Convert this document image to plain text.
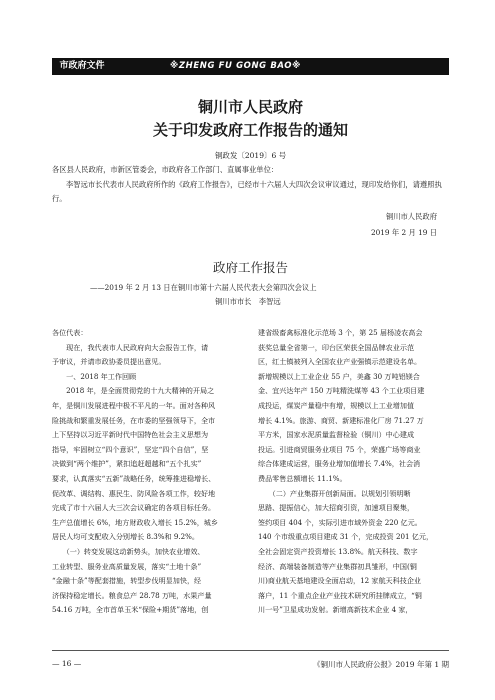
市政府文件	※ZHENG FU GONG BAO※
铜川市人民政府
关于印发政府工作报告的通知
铜政发〔2019〕6 号
各区县人民政府，市新区管委会，市政府各工作部门、直属事业单位：
李智远市长代表市人民政府所作的《政府工作报告》，已经市十六届人大四次会议审议通过，现印发给你们，请遵照执行。
铜川市人民政府
2019 年 2 月 19 日
政府工作报告
——2019 年 2 月 13 日在铜川市第十六届人民代表大会第四次会议上
铜川市市长　李智远

各位代表：

　　现在，我代表市人民政府向大会报告工作，请

予审议，并请市政协委员提出意见。

　　一、2018 年工作回顾

　　2018 年，是全面贯彻党的十九大精神的开局之

年，是铜川发展进程中极不平凡的一年。面对各种风

险挑战和繁重发展任务，在市委的坚强领导下，全市

上下坚持以习近平新时代中国特色社会主义思想为

指导，牢固树立“四个意识”，坚定“四个自信”，坚

决做到“两个维护”，紧扣追赶超越和“五个扎实”

要求，认真落实“五新”战略任务，统筹推进稳增长、

促改革、调结构、惠民生、防风险各项工作，较好地

完成了市十六届人大三次会议确定的各项目标任务。

生产总值增长 6%，地方财政收入增长 15.2%，城乡

居民人均可支配收入分别增长 8.3%和 9.2%。

　　（一）转变发展这动新势头，加快农业增效、

工业转型、服务业高质量发展，落实“土地十条”

“金融十条”等配套措施，转型步伐明显加快，经

济保持稳定增长。粮食总产 28.78 万吨，水果产量

54.16 万吨，全市首单玉米“保险+期货”落地，创

建省级畜禽标准化示范场 3 个，第 25 届杨凌农高会

获奖总量全省第一，印台区荣获全国品牌农业示范

区，红土镇被列入全国农业产业强镇示范建设名单。

新增规模以上工业企业 55 户，美鑫 30 万吨铝镁合

金、宜兴达年产 150 万吨精洗煤等 43 个工业项目建

成投运，煤炭产量稳中有增，规模以上工业增加值

增长 4.1%。旅游、商贸、新建标准化厂房 71.27 万

平方米，国家水泥质量监督检验（铜川）中心建成

投运。引进商贸服务业项目 75 个，荣盛广场等商业

综合体建成运营，服务业增加值增长 7.4%，社会消

费品零售总额增长 11.1%。

　　（二）产业集群开创新局面。以规划引领明晰

思路、提振信心，加大招商引资，加速项目聚集，

签约项目 404 个，实际引进市域外资金 220 亿元。

140 个市级重点项目建成 31 个，完成投资 201 亿元，

全社会固定资产投资增长 13.8%。航天科技、数字

经济、高端装备制造等产业集群初具雏形，中国(铜

川)商业航天基地建设全面启动，12 家航天科技企业

落户，11 个重点企业产业技术研究所挂牌成立，“铜

川一号”卫星成功发射。新增高新技术企业 4 家，

— 16 —	《铜川市人民政府公报》2019 年第 1 期
